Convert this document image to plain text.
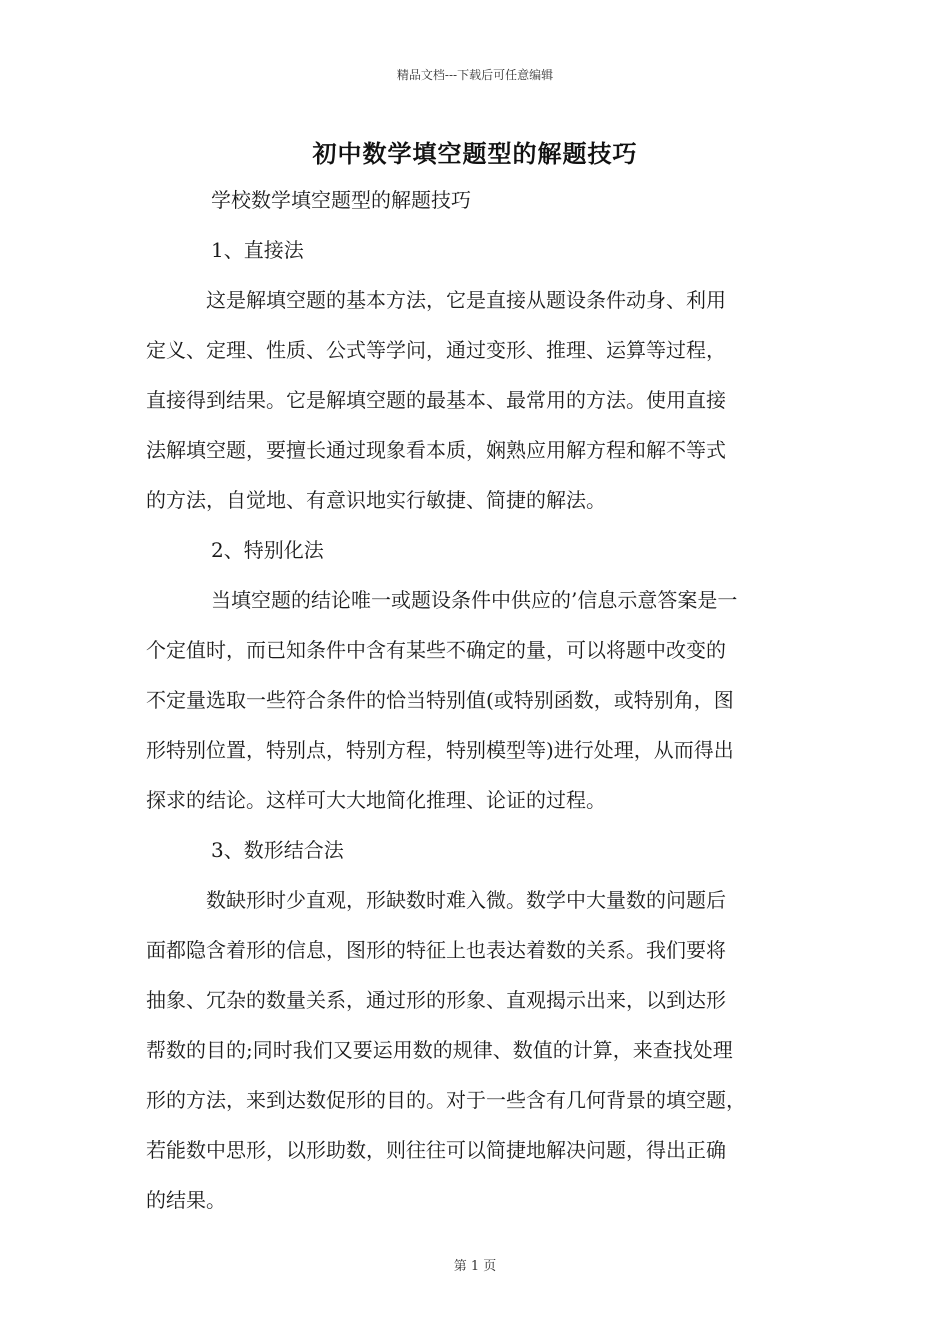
精品文档---下载后可任意编辑
初中数学填空题型的解题技巧
学校数学填空题型的解题技巧
1、直接法
这是解填空题的基本方法，它是直接从题设条件动身、利用
定义、定理、性质、公式等学问，通过变形、推理、运算等过程，
直接得到结果。它是解填空题的最基本、最常用的方法。使用直接
法解填空题，要擅长通过现象看本质，娴熟应用解方程和解不等式
的方法，自觉地、有意识地实行敏捷、简捷的解法。
2、特别化法
当填空题的结论唯一或题设条件中供应的’信息示意答案是一
个定值时，而已知条件中含有某些不确定的量，可以将题中改变的
不定量选取一些符合条件的恰当特别值(或特别函数，或特别角，图
形特别位置，特别点，特别方程，特别模型等)进行处理，从而得出
探求的结论。这样可大大地简化推理、论证的过程。
3、数形结合法
数缺形时少直观，形缺数时难入微。数学中大量数的问题后
面都隐含着形的信息，图形的特征上也表达着数的关系。我们要将
抽象、冗杂的数量关系，通过形的形象、直观揭示出来，以到达形
帮数的目的;同时我们又要运用数的规律、数值的计算，来查找处理
形的方法，来到达数促形的目的。对于一些含有几何背景的填空题，
若能数中思形，以形助数，则往往可以简捷地解决问题，得出正确
的结果。
第 1 页
